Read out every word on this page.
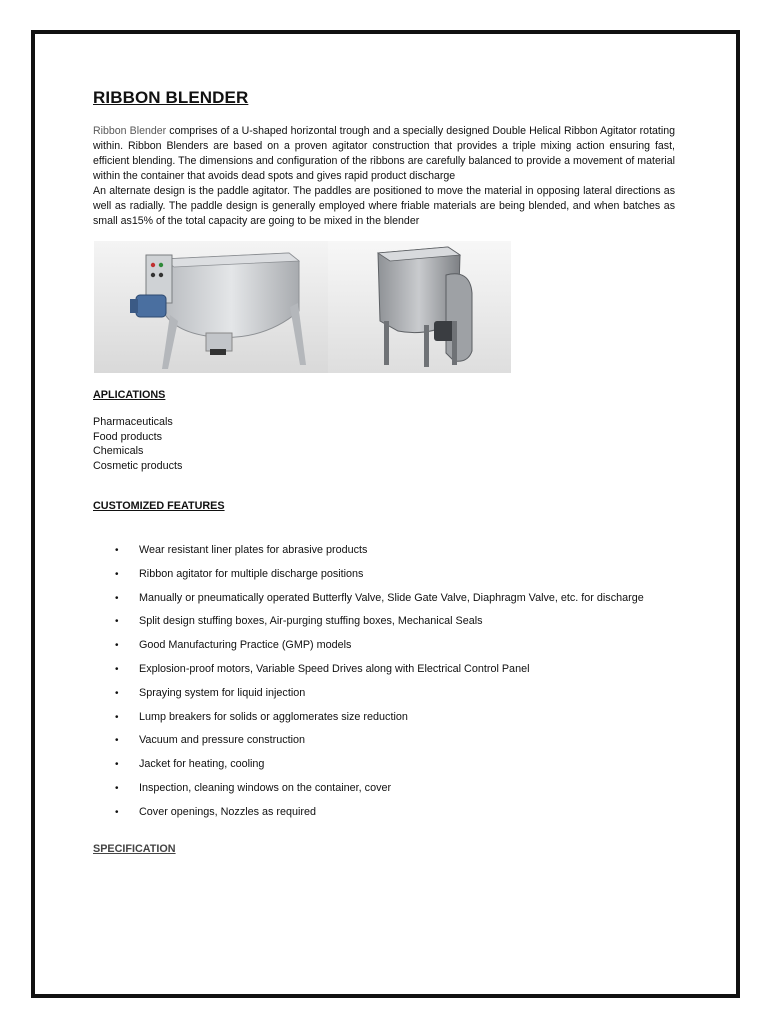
RIBBON BLENDER

Ribbon Blender comprises of a U-shaped horizontal trough and a specially designed Double Helical Ribbon Agitator rotating within. Ribbon Blenders are based on a proven agitator construction that provides a triple mixing action ensuring fast, efficient blending. The dimensions and configuration of the ribbons are carefully balanced to provide a movement of material within the container that avoids dead spots and gives rapid product discharge
An alternate design is the paddle agitator. The paddles are positioned to move the material in opposing lateral directions as well as radially. The paddle design is generally employed where friable materials are being blended, and when batches as small as15% of the total capacity are going to be mixed in the blender

APLICATIONS
Pharmaceuticals
Food products
Chemicals
Cosmetic products
CUSTOMIZED FEATURES
• Wear resistant liner plates for abrasive products
• Ribbon agitator for multiple discharge positions
• Manually or pneumatically operated Butterfly Valve, Slide Gate Valve, Diaphragm Valve, etc. for discharge
• Split design stuffing boxes, Air-purging stuffing boxes, Mechanical Seals
• Good Manufacturing Practice (GMP) models
• Explosion-proof motors, Variable Speed Drives along with Electrical Control Panel
• Spraying system for liquid injection
• Lump breakers for solids or agglomerates size reduction
• Vacuum and pressure construction
• Jacket for heating, cooling
• Inspection, cleaning windows on the container, cover
• Cover openings, Nozzles as required
SPECIFICATION
